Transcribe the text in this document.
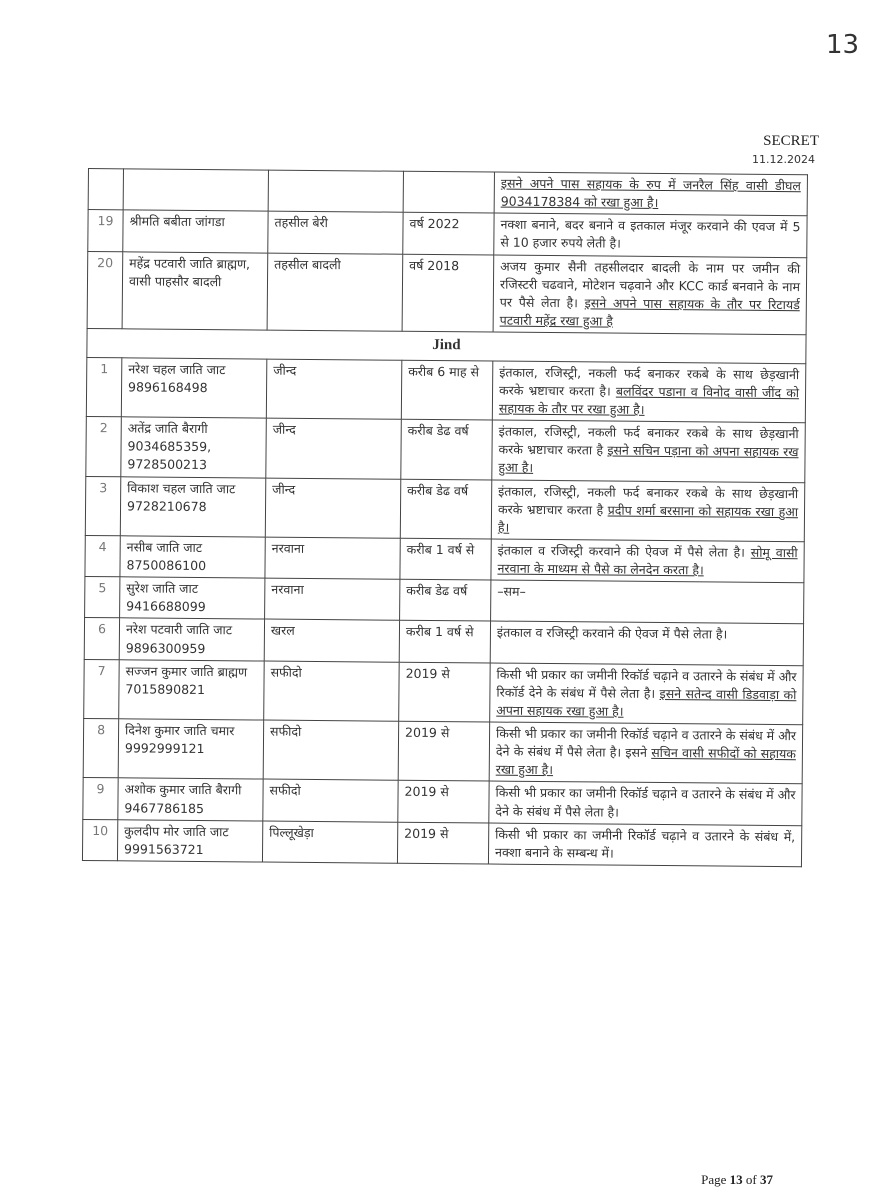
13
SECRET
11.12.2024
				इसने अपने पास सहायक के रुप में जनरैल सिंह वासी डीघल 9034178384 को रखा हुआ है।
19	श्रीमति बबीता जांगडा	तहसील बेरी	वर्ष 2022	नक्शा बनाने, बदर बनाने व इतकाल मंजूर करवाने की एवज में 5 से 10 हजार रुपये लेती है।
20	महेंद्र पटवारी जाति ब्राह्मण, वासी पाहसौर बादली	तहसील बादली	वर्ष 2018	अजय कुमार सैनी तहसीलदार बादली के नाम पर जमीन की रजिस्टरी चढवाने, मोटेशन चढ़वाने और KCC कार्ड बनवाने के नाम पर पैसे लेता है। इसने अपने पास सहायक के तौर पर रिटायर्ड पटवारी महेंद्र रखा हुआ है
Jind				
1	नरेश चहल जाति जाट 9896168498	जीन्द	करीब 6 माह से	इंतकाल, रजिस्ट्री, नकली फर्द बनाकर रकबे के साथ छेड़खानी करके भ्रष्टाचार करता है। बलविंदर पडाना व विनोद वासी जींद को सहायक के तौर पर रखा हुआ है।
2	अतेंद्र जाति बैरागी 9034685359, 9728500213	जीन्द	करीब डेढ वर्ष	इंतकाल, रजिस्ट्री, नकली फर्द बनाकर रकबे के साथ छेड़खानी करके भ्रष्टाचार करता है इसने सचिन पड़ाना को अपना सहायक रख हुआ है।
3	विकाश चहल जाति जाट 9728210678	जीन्द	करीब डेढ वर्ष	इंतकाल, रजिस्ट्री, नकली फर्द बनाकर रकबे के साथ छेड़खानी करके भ्रष्टाचार करता है प्रदीप शर्मा बरसाना को सहायक रखा हुआ है।
4	नसीब जाति जाट 8750086100	नरवाना	करीब 1 वर्ष से	इंतकाल व रजिस्ट्री करवाने की ऐवज में पैसे लेता है। सोमू वासी नरवाना के माध्यम से पैसे का लेनदेन करता है।
5	सुरेश जाति जाट 9416688099	नरवाना	करीब डेढ वर्ष	–सम–
6	नरेश पटवारी जाति जाट 9896300959	खरल	करीब 1 वर्ष से	इंतकाल व रजिस्ट्री करवाने की ऐवज में पैसे लेता है।
7	सज्जन कुमार जाति ब्राह्मण 7015890821	सफीदो	2019 से	किसी भी प्रकार का जमीनी रिकॉर्ड चढ़ाने व उतारने के संबंध में और रिकॉर्ड देने के संबंध में पैसे लेता है। इसने सतेन्द वासी डिडवाड़ा को अपना सहायक रखा हुआ है।
8	दिनेश कुमार जाति चमार 9992999121	सफीदो	2019 से	किसी भी प्रकार का जमीनी रिकॉर्ड चढ़ाने व उतारने के संबंध में और देने के संबंध में पैसे लेता है। इसने सचिन वासी सफीदों को सहायक रखा हुआ है।
9	अशोक कुमार जाति बैरागी 9467786185	सफीदो	2019 से	किसी भी प्रकार का जमीनी रिकॉर्ड चढ़ाने व उतारने के संबंध में और देने के संबंध में पैसे लेता है।
10	कुलदीप मोर जाति जाट 9991563721	पिल्लूखेड़ा	2019 से	किसी भी प्रकार का जमीनी रिकॉर्ड चढ़ाने व उतारने के संबंध में, नक्शा बनाने के सम्बन्ध में।
Page 13 of 37
